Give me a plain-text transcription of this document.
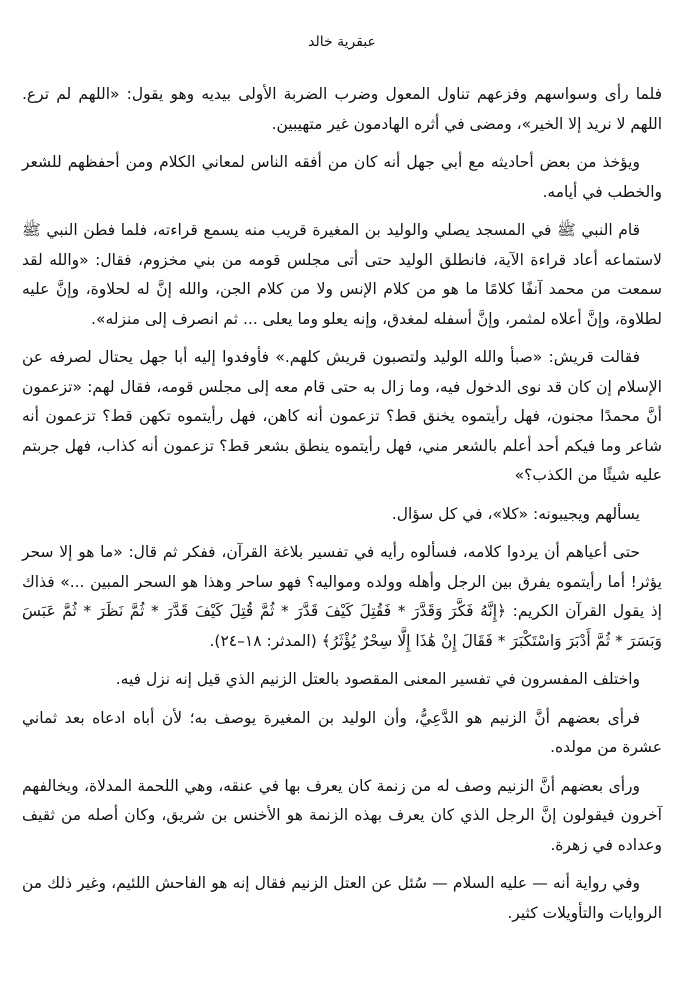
عبقرية خالد

فلما رأى وسواسهم وفزعهم تناول المعول وضرب الضربة الأولى بيديه وهو يقول: «اللهم لم ترع. اللهم لا نريد إلا الخير»، ومضى في أثره الهادمون غير متهيبين.

ويؤخذ من بعض أحاديثه مع أبي جهل أنه كان من أفقه الناس لمعاني الكلام ومن أحفظهم للشعر والخطب في أيامه.

قام النبي ﷺ في المسجد يصلي والوليد بن المغيرة قريب منه يسمع قراءته، فلما فطن النبي ﷺ لاستماعه أعاد قراءة الآية، فانطلق الوليد حتى أتى مجلس قومه من بني مخزوم، فقال: «والله لقد سمعت من محمد آنفًا كلامًا ما هو من كلام الإنس ولا من كلام الجن، والله إنَّ له لحلاوة، وإنَّ عليه لطلاوة، وإنَّ أعلاه لمثمر، وإنَّ أسفله لمغدق، وإنه يعلو وما يعلى ... ثم انصرف إلى منزله».

فقالت قريش: «صبأ والله الوليد ولتصبون قريش كلهم.» فأوفدوا إليه أبا جهل يحتال لصرفه عن الإسلام إن كان قد نوى الدخول فيه، وما زال به حتى قام معه إلى مجلس قومه، فقال لهم: «تزعمون أنَّ محمدًا مجنون، فهل رأيتموه يخنق قط؟ تزعمون أنه كاهن، فهل رأيتموه تكهن قط؟ تزعمون أنه شاعر وما فيكم أحد أعلم بالشعر مني، فهل رأيتموه ينطق بشعر قط؟ تزعمون أنه كذاب، فهل جربتم عليه شيئًا من الكذب؟»

يسألهم ويجيبونه: «كلا»، في كل سؤال.

حتى أعياهم أن يردوا كلامه، فسألوه رأيه في تفسير بلاغة القرآن، ففكر ثم قال: «ما هو إلا سحر يؤثر! أما رأيتموه يفرق بين الرجل وأهله وولده ومواليه؟ فهو ساحر وهذا هو السحر المبين ...» فذاك إذ يقول القرآن الكريم: ﴿إِنَّهُ فَكَّرَ وَقَدَّرَ * فَقُتِلَ كَيْفَ قَدَّرَ * ثُمَّ قُتِلَ كَيْفَ قَدَّرَ * ثُمَّ نَظَرَ * ثُمَّ عَبَسَ وَبَسَرَ * ثُمَّ أَدْبَرَ وَاسْتَكْبَرَ * فَقَالَ إِنْ هَٰذَا إِلَّا سِحْرٌ يُؤْثَرُ﴾ (المدثر: ١٨–٢٤).

واختلف المفسرون في تفسير المعنى المقصود بالعتل الزنيم الذي قيل إنه نزل فيه.

فرأى بعضهم أنَّ الزنيم هو الدَّعِيُّ، وأن الوليد بن المغيرة يوصف به؛ لأن أباه ادعاه بعد ثماني عشرة من مولده.

ورأى بعضهم أنَّ الزنيم وصف له من زنمة كان يعرف بها في عنقه، وهي اللحمة المدلاة، ويخالفهم آخرون فيقولون إنَّ الرجل الذي كان يعرف بهذه الزنمة هو الأخنس بن شريق، وكان أصله من ثقيف وعداده في زهرة.

وفي رواية أنه — عليه السلام — سُئل عن العتل الزنيم فقال إنه هو الفاحش اللئيم، وغير ذلك من الروايات والتأويلات كثير.
